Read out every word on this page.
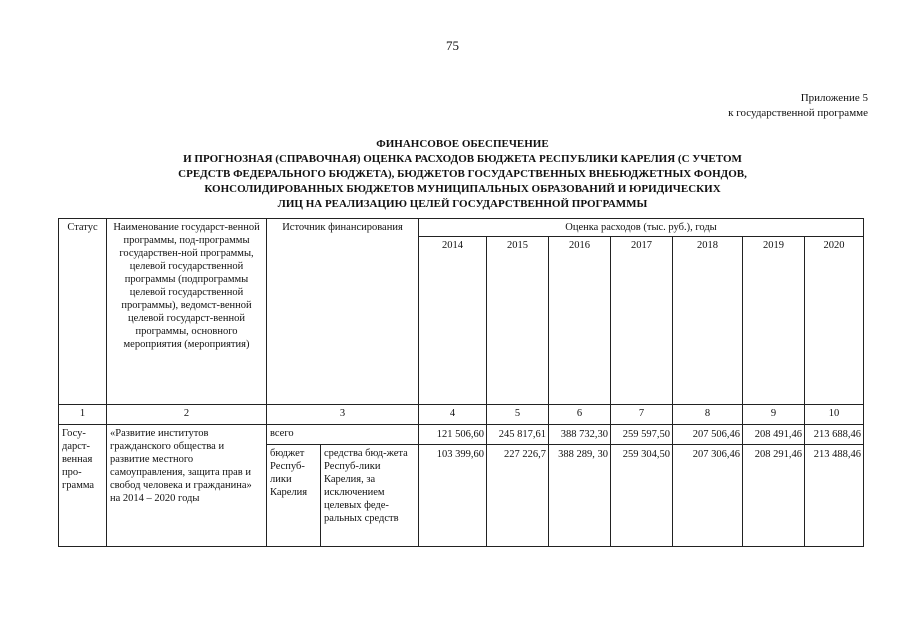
75
Приложение 5
к государственной программе
ФИНАНСОВОЕ ОБЕСПЕЧЕНИЕ
И ПРОГНОЗНАЯ (СПРАВОЧНАЯ) ОЦЕНКА РАСХОДОВ БЮДЖЕТА РЕСПУБЛИКИ КАРЕЛИЯ (С УЧЕТОМ
СРЕДСТВ ФЕДЕРАЛЬНОГО БЮДЖЕТА), БЮДЖЕТОВ ГОСУДАРСТВЕННЫХ ВНЕБЮДЖЕТНЫХ ФОНДОВ,
КОНСОЛИДИРОВАННЫХ БЮДЖЕТОВ МУНИЦИПАЛЬНЫХ ОБРАЗОВАНИЙ И ЮРИДИЧЕСКИХ
ЛИЦ НА РЕАЛИЗАЦИЮ ЦЕЛЕЙ ГОСУДАРСТВЕННОЙ ПРОГРАММЫ
Статус	Наименование государст-венной программы, под-программы государствен-ной программы, целевой государственной программы (подпрограммы целевой государственной программы), ведомст-венной целевой государст-венной программы, основного мероприятия (мероприятия)	Источник финансирования		Оценка расходов (тыс. руб.), годы						
				2014	2015	2016	2017	2018	2019	2020
1	2	3		4	5	6	7	8	9	10
Госу-дарст-венная про-грамма	«Развитие институтов гражданского общества и развитие местного самоуправления, защита прав и свобод человека и гражданина» на 2014 – 2020 годы	всего		121 506,60	245 817,61	388 732,30	259 597,50	207 506,46	208 491,46	213 688,46
		бюджет Респуб-лики Карелия	средства бюд-жета Респуб-лики Карелия, за исключением целевых феде-ральных средств	103 399,60	227 226,7	388 289, 30	259 304,50	207 306,46	208 291,46	213 488,46
